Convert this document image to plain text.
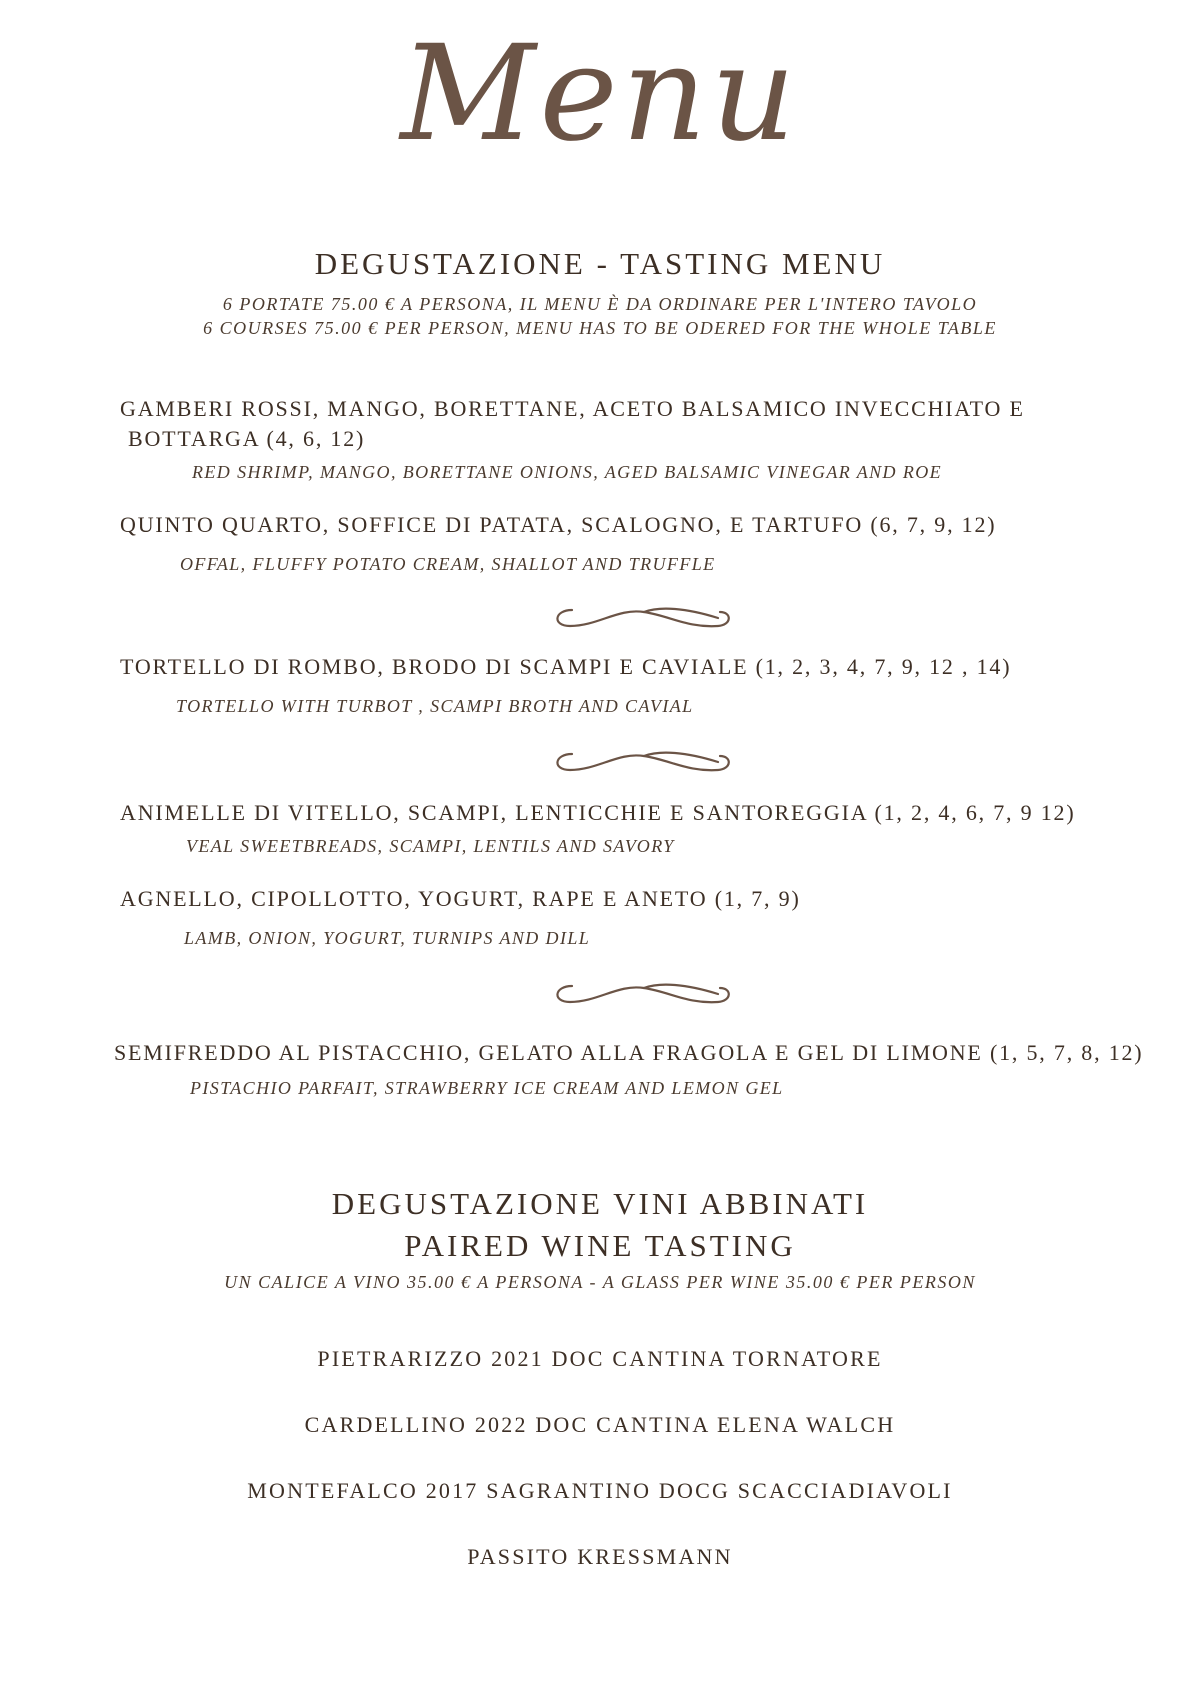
Menu
DEGUSTAZIONE - TASTING MENU
6 PORTATE 75.00 € A PERSONA, IL MENU È DA ORDINARE PER L'INTERO TAVOLO
6 COURSES 75.00 € PER PERSON, MENU HAS TO BE ODERED FOR THE WHOLE TABLE
GAMBERI ROSSI, MANGO, BORETTANE, ACETO BALSAMICO INVECCHIATO E
BOTTARGA (4, 6, 12)
RED SHRIMP, MANGO, BORETTANE ONIONS, AGED BALSAMIC VINEGAR AND ROE
QUINTO QUARTO, SOFFICE DI PATATA, SCALOGNO, E TARTUFO (6, 7, 9, 12)
OFFAL, FLUFFY POTATO CREAM, SHALLOT AND TRUFFLE
TORTELLO DI ROMBO, BRODO DI SCAMPI E CAVIALE (1, 2, 3, 4, 7, 9, 12 , 14)
TORTELLO WITH TURBOT , SCAMPI BROTH AND CAVIAL
ANIMELLE DI VITELLO, SCAMPI, LENTICCHIE E SANTOREGGIA (1, 2, 4, 6, 7, 9 12)
VEAL SWEETBREADS, SCAMPI, LENTILS AND SAVORY
AGNELLO, CIPOLLOTTO, YOGURT, RAPE E ANETO (1, 7, 9)
LAMB, ONION, YOGURT, TURNIPS AND DILL
SEMIFREDDO AL PISTACCHIO, GELATO ALLA FRAGOLA E GEL DI LIMONE (1, 5, 7, 8, 12)
PISTACHIO PARFAIT, STRAWBERRY ICE CREAM AND LEMON GEL
DEGUSTAZIONE VINI ABBINATI
PAIRED WINE TASTING
UN CALICE A VINO 35.00 € A PERSONA - A GLASS PER WINE 35.00 € PER PERSON
PIETRARIZZO 2021 DOC CANTINA TORNATORE
CARDELLINO 2022 DOC CANTINA ELENA WALCH
MONTEFALCO 2017 SAGRANTINO DOCG SCACCIADIAVOLI
PASSITO KRESSMANN
